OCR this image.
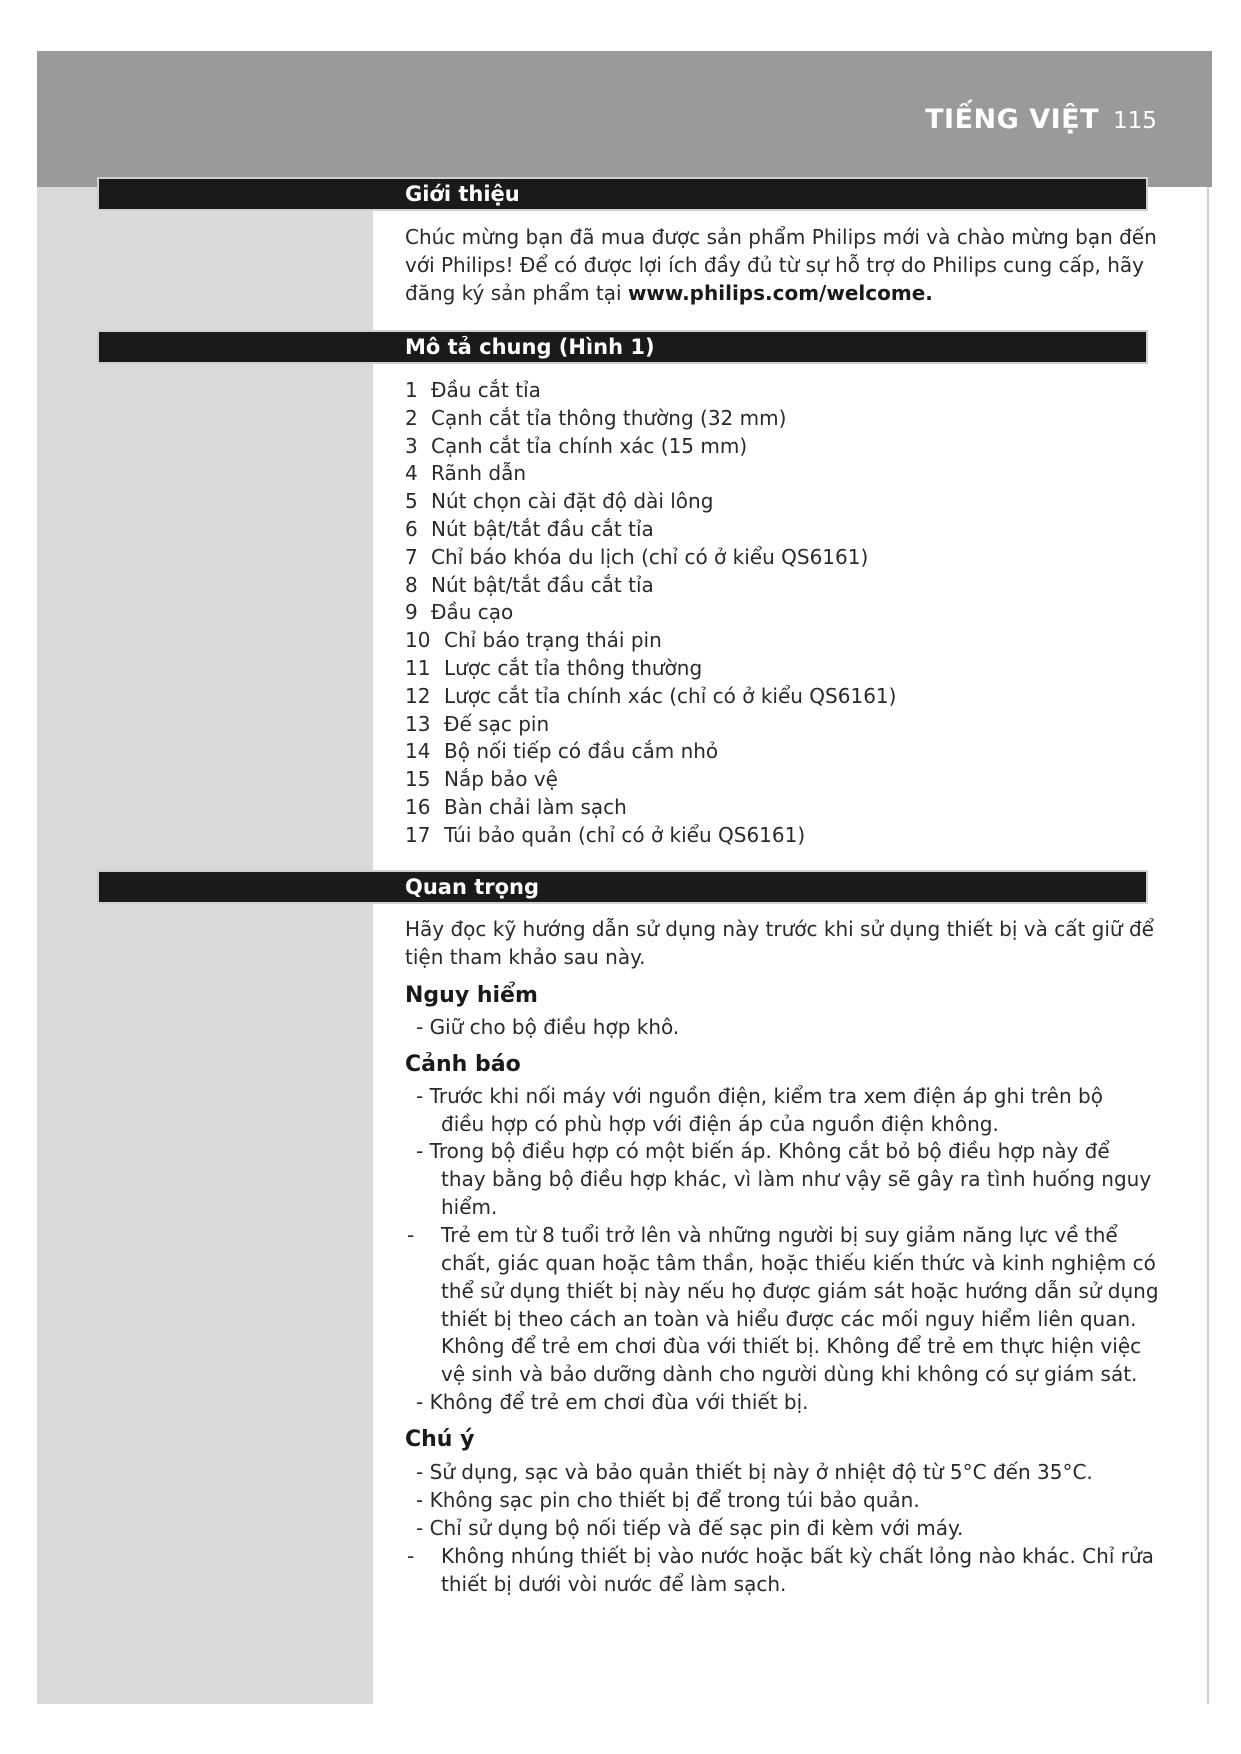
TIẾNG VIỆT 115
Giới thiệu
Chúc mừng bạn đã mua được sản phẩm Philips mới và chào mừng bạn đến
với Philips! Để có được lợi ích đầy đủ từ sự hỗ trợ do Philips cung cấp, hãy
đăng ký sản phẩm tại www.philips.com/welcome.
Mô tả chung (Hình 1)
1 Đầu cắt tỉa
2 Cạnh cắt tỉa thông thường (32 mm)
3 Cạnh cắt tỉa chính xác (15 mm)
4 Rãnh dẫn
5 Nút chọn cài đặt độ dài lông
6 Nút bật/tắt đầu cắt tỉa
7 Chỉ báo khóa du lịch (chỉ có ở kiểu QS6161)
8 Nút bật/tắt đầu cắt tỉa
9 Đầu cạo
10 Chỉ báo trạng thái pin
11 Lược cắt tỉa thông thường
12 Lược cắt tỉa chính xác (chỉ có ở kiểu QS6161)
13 Đế sạc pin
14 Bộ nối tiếp có đầu cắm nhỏ
15 Nắp bảo vệ
16 Bàn chải làm sạch
17 Túi bảo quản (chỉ có ở kiểu QS6161)
Quan trọng
Hãy đọc kỹ hướng dẫn sử dụng này trước khi sử dụng thiết bị và cất giữ để
tiện tham khảo sau này.
Nguy hiểm
- Giữ cho bộ điều hợp khô.
Cảnh báo
- Trước khi nối máy với nguồn điện, kiểm tra xem điện áp ghi trên bộ
điều hợp có phù hợp với điện áp của nguồn điện không.
- Trong bộ điều hợp có một biến áp. Không cắt bỏ bộ điều hợp này để
thay bằng bộ điều hợp khác, vì làm như vậy sẽ gây ra tình huống nguy
hiểm.
- Trẻ em từ 8 tuổi trở lên và những người bị suy giảm năng lực về thể
chất, giác quan hoặc tâm thần, hoặc thiếu kiến thức và kinh nghiệm có
thể sử dụng thiết bị này nếu họ được giám sát hoặc hướng dẫn sử dụng
thiết bị theo cách an toàn và hiểu được các mối nguy hiểm liên quan.
Không để trẻ em chơi đùa với thiết bị. Không để trẻ em thực hiện việc
vệ sinh và bảo dưỡng dành cho người dùng khi không có sự giám sát.
- Không để trẻ em chơi đùa với thiết bị.
Chú ý
- Sử dụng, sạc và bảo quản thiết bị này ở nhiệt độ từ 5°C đến 35°C.
- Không sạc pin cho thiết bị để trong túi bảo quản.
- Chỉ sử dụng bộ nối tiếp và đế sạc pin đi kèm với máy.
- Không nhúng thiết bị vào nước hoặc bất kỳ chất lỏng nào khác. Chỉ rửa
thiết bị dưới vòi nước để làm sạch.
